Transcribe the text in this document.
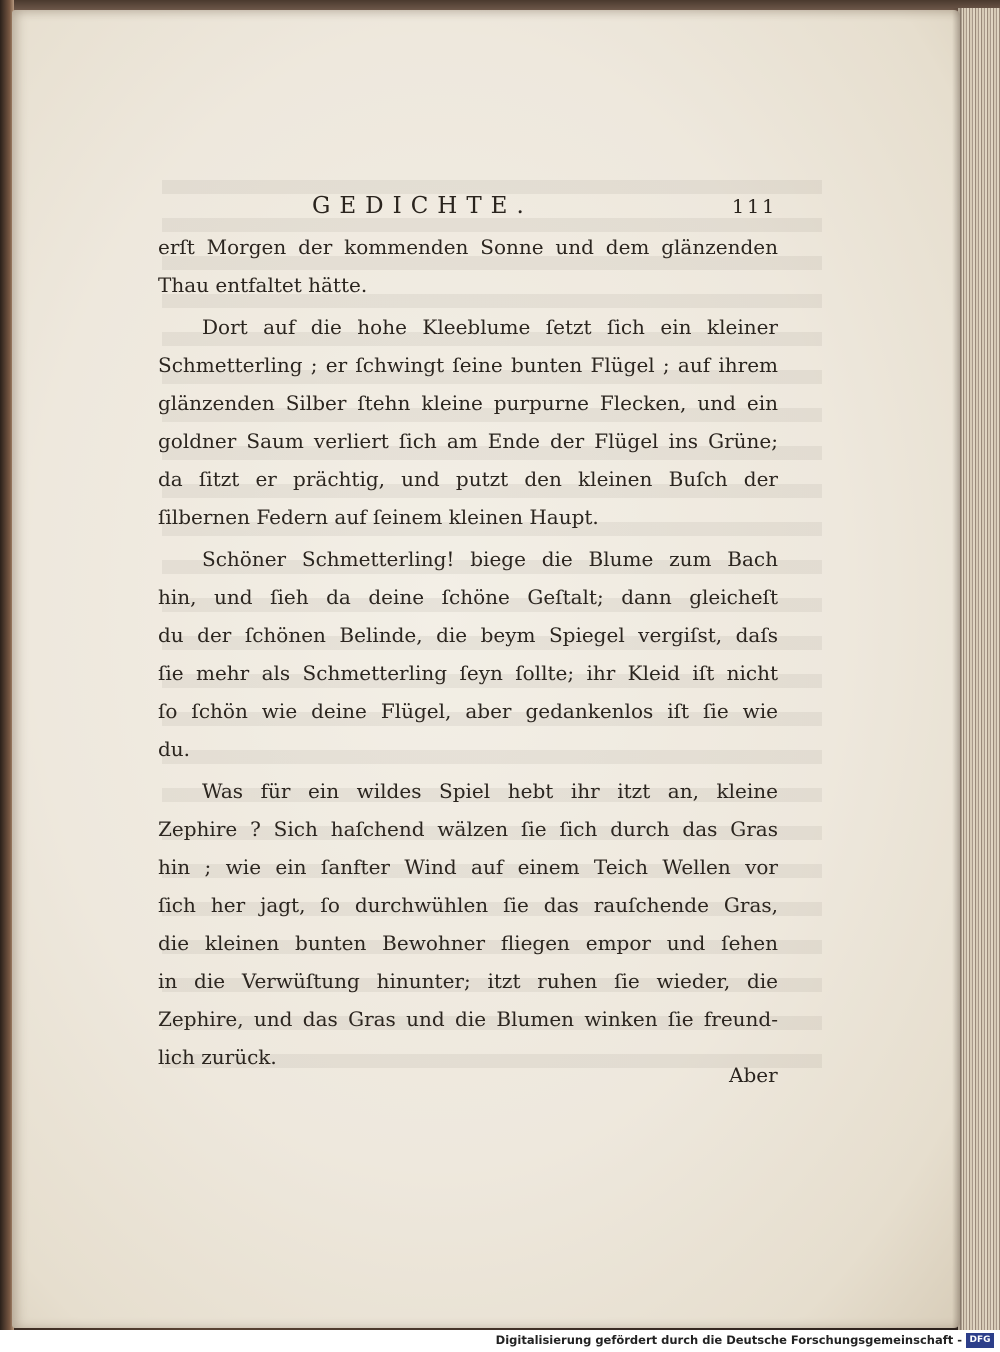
GEDICHTE.	111

erſt Morgen der kommenden Sonne und dem glänzenden
Thau entfaltet hätte.

Dort auf die hohe Kleeblume ſetzt ſich ein kleiner
Schmetterling ; er ſchwingt ſeine bunten Flügel ; auf ihrem
glänzenden Silber ſtehn kleine purpurne Flecken, und ein
goldner Saum verliert ſich am Ende der Flügel ins Grüne;
da ſitzt er prächtig, und putzt den kleinen Buſch der
ſilbernen Federn auf ſeinem kleinen Haupt.

Schöner Schmetterling! biege die Blume zum Bach
hin, und ſieh da deine ſchöne Geſtalt; dann gleicheſt
du der ſchönen Belinde, die beym Spiegel vergiſst, daſs
ſie mehr als Schmetterling ſeyn ſollte; ihr Kleid iſt nicht
ſo ſchön wie deine Flügel, aber gedankenlos iſt ſie wie
du.

Was für ein wildes Spiel hebt ihr itzt an, kleine
Zephire ? Sich haſchend wälzen ſie ſich durch das Gras
hin ; wie ein ſanfter Wind auf einem Teich Wellen vor
ſich her jagt, ſo durchwühlen ſie das rauſchende Gras,
die kleinen bunten Bewohner fliegen empor und ſehen
in die Verwüſtung hinunter; itzt ruhen ſie wieder, die
Zephire, und das Gras und die Blumen winken ſie freund-
lich zurück.

Aber
Digitalisierung gefördert durch die Deutsche Forschungsgemeinschaft - DFG
